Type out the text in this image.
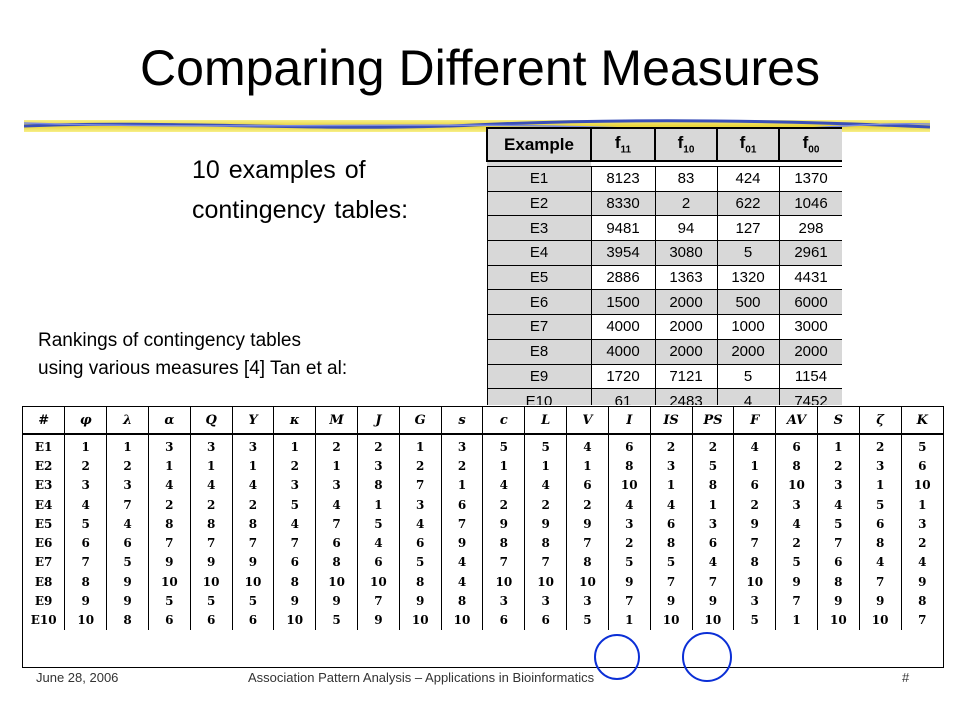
Comparing Different Measures
10 examples of
contingency tables:
Rankings of contingency tables
using various measures [4] Tan et al:
Example	$f_{11}$	$f_{10}$	$f_{01}$	$f_{00}$

E1	8123	83	424	1370
E2	8330	2	622	1046
E3	9481	94	127	298
E4	3954	3080	5	2961
E5	2886	1363	1320	4431
E6	1500	2000	500	6000
E7	4000	2000	1000	3000
E8	4000	2000	2000	2000
E9	1720	7121	5	1154
E10	61	2483	4	7452
#	φ	λ	α	Q	Y	κ	M	J	G	s	c	L	V	I	IS	PS	F	AV	S	ζ	K
E1	1	1	3	3	3	1	2	2	1	3	5	5	4	6	2	2	4	6	1	2	5
E2	2	2	1	1	1	2	1	3	2	2	1	1	1	8	3	5	1	8	2	3	6
E3	3	3	4	4	4	3	3	8	7	1	4	4	6	10	1	8	6	10	3	1	10
E4	4	7	2	2	2	5	4	1	3	6	2	2	2	4	4	1	2	3	4	5	1
E5	5	4	8	8	8	4	7	5	4	7	9	9	9	3	6	3	9	4	5	6	3
E6	6	6	7	7	7	7	6	4	6	9	8	8	7	2	8	6	7	2	7	8	2
E7	7	5	9	9	9	6	8	6	5	4	7	7	8	5	5	4	8	5	6	4	4
E8	8	9	10	10	10	8	10	10	8	4	10	10	10	9	7	7	10	9	8	7	9
E9	9	9	5	5	5	9	9	7	9	8	3	3	3	7	9	9	3	7	9	9	8
E10	10	8	6	6	6	10	5	9	10	10	6	6	5	1	10	10	5	1	10	10	7
June 28, 2006	Association Pattern Analysis – Applications in Bioinformatics	#
